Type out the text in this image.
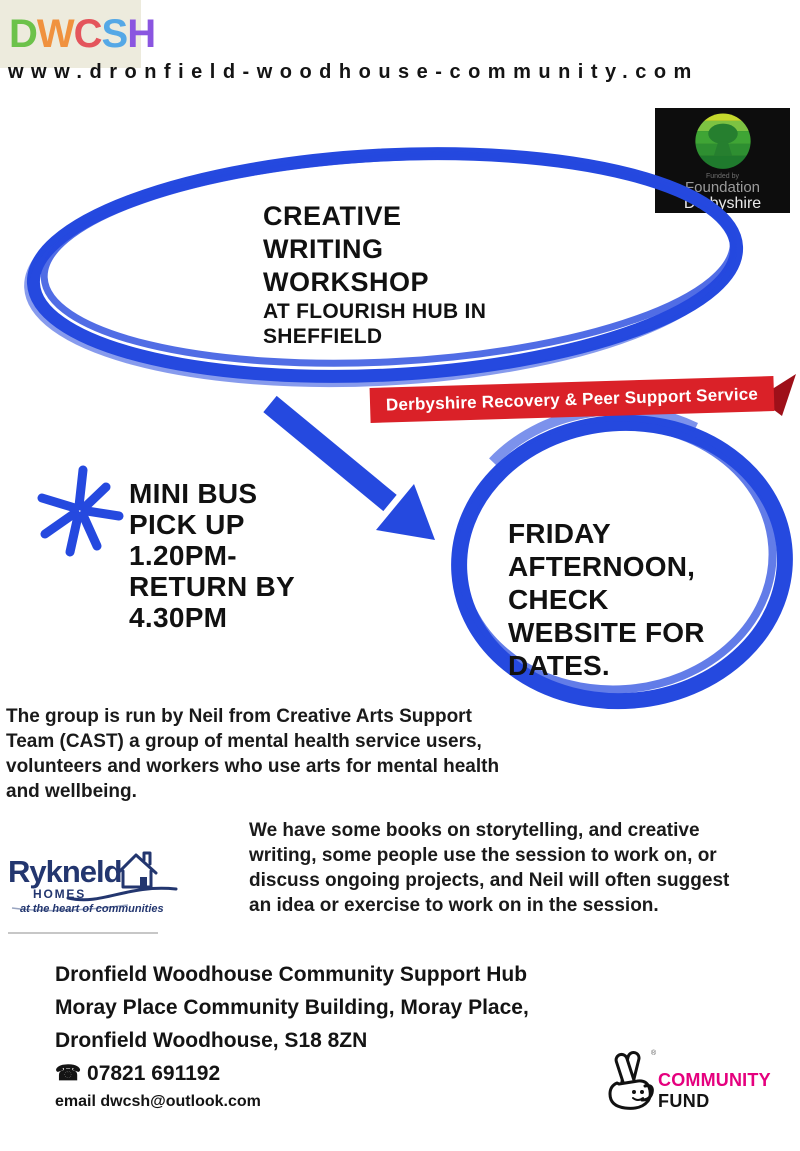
D W C S H
www.dronfield-woodhouse-community.com
Funded by
Foundation
Derbyshire
CREATIVE
WRITING
WORKSHOP
AT FLOURISH HUB IN
SHEFFIELD
Derbyshire Recovery & Peer Support Service
MINI BUS
PICK UP
1.20PM-
RETURN BY
4.30PM
FRIDAY
AFTERNOON,
CHECK
WEBSITE FOR
DATES.
The group is run by Neil from Creative Arts Support
Team (CAST) a group of mental health service users,
volunteers and workers who use arts for mental health
and wellbeing.
Rykneld
HOMES
at the heart of communities
We have some books on storytelling, and creative
writing, some people use the session to work on, or
discuss ongoing projects, and Neil will often suggest
an idea or exercise to work on in the session.
Dronfield Woodhouse Community Support Hub
Moray Place Community Building, Moray Place,
Dronfield Woodhouse, S18 8ZN
☎ 07821 691192
email dwcsh@outlook.com
®
COMMUNITY
FUND
